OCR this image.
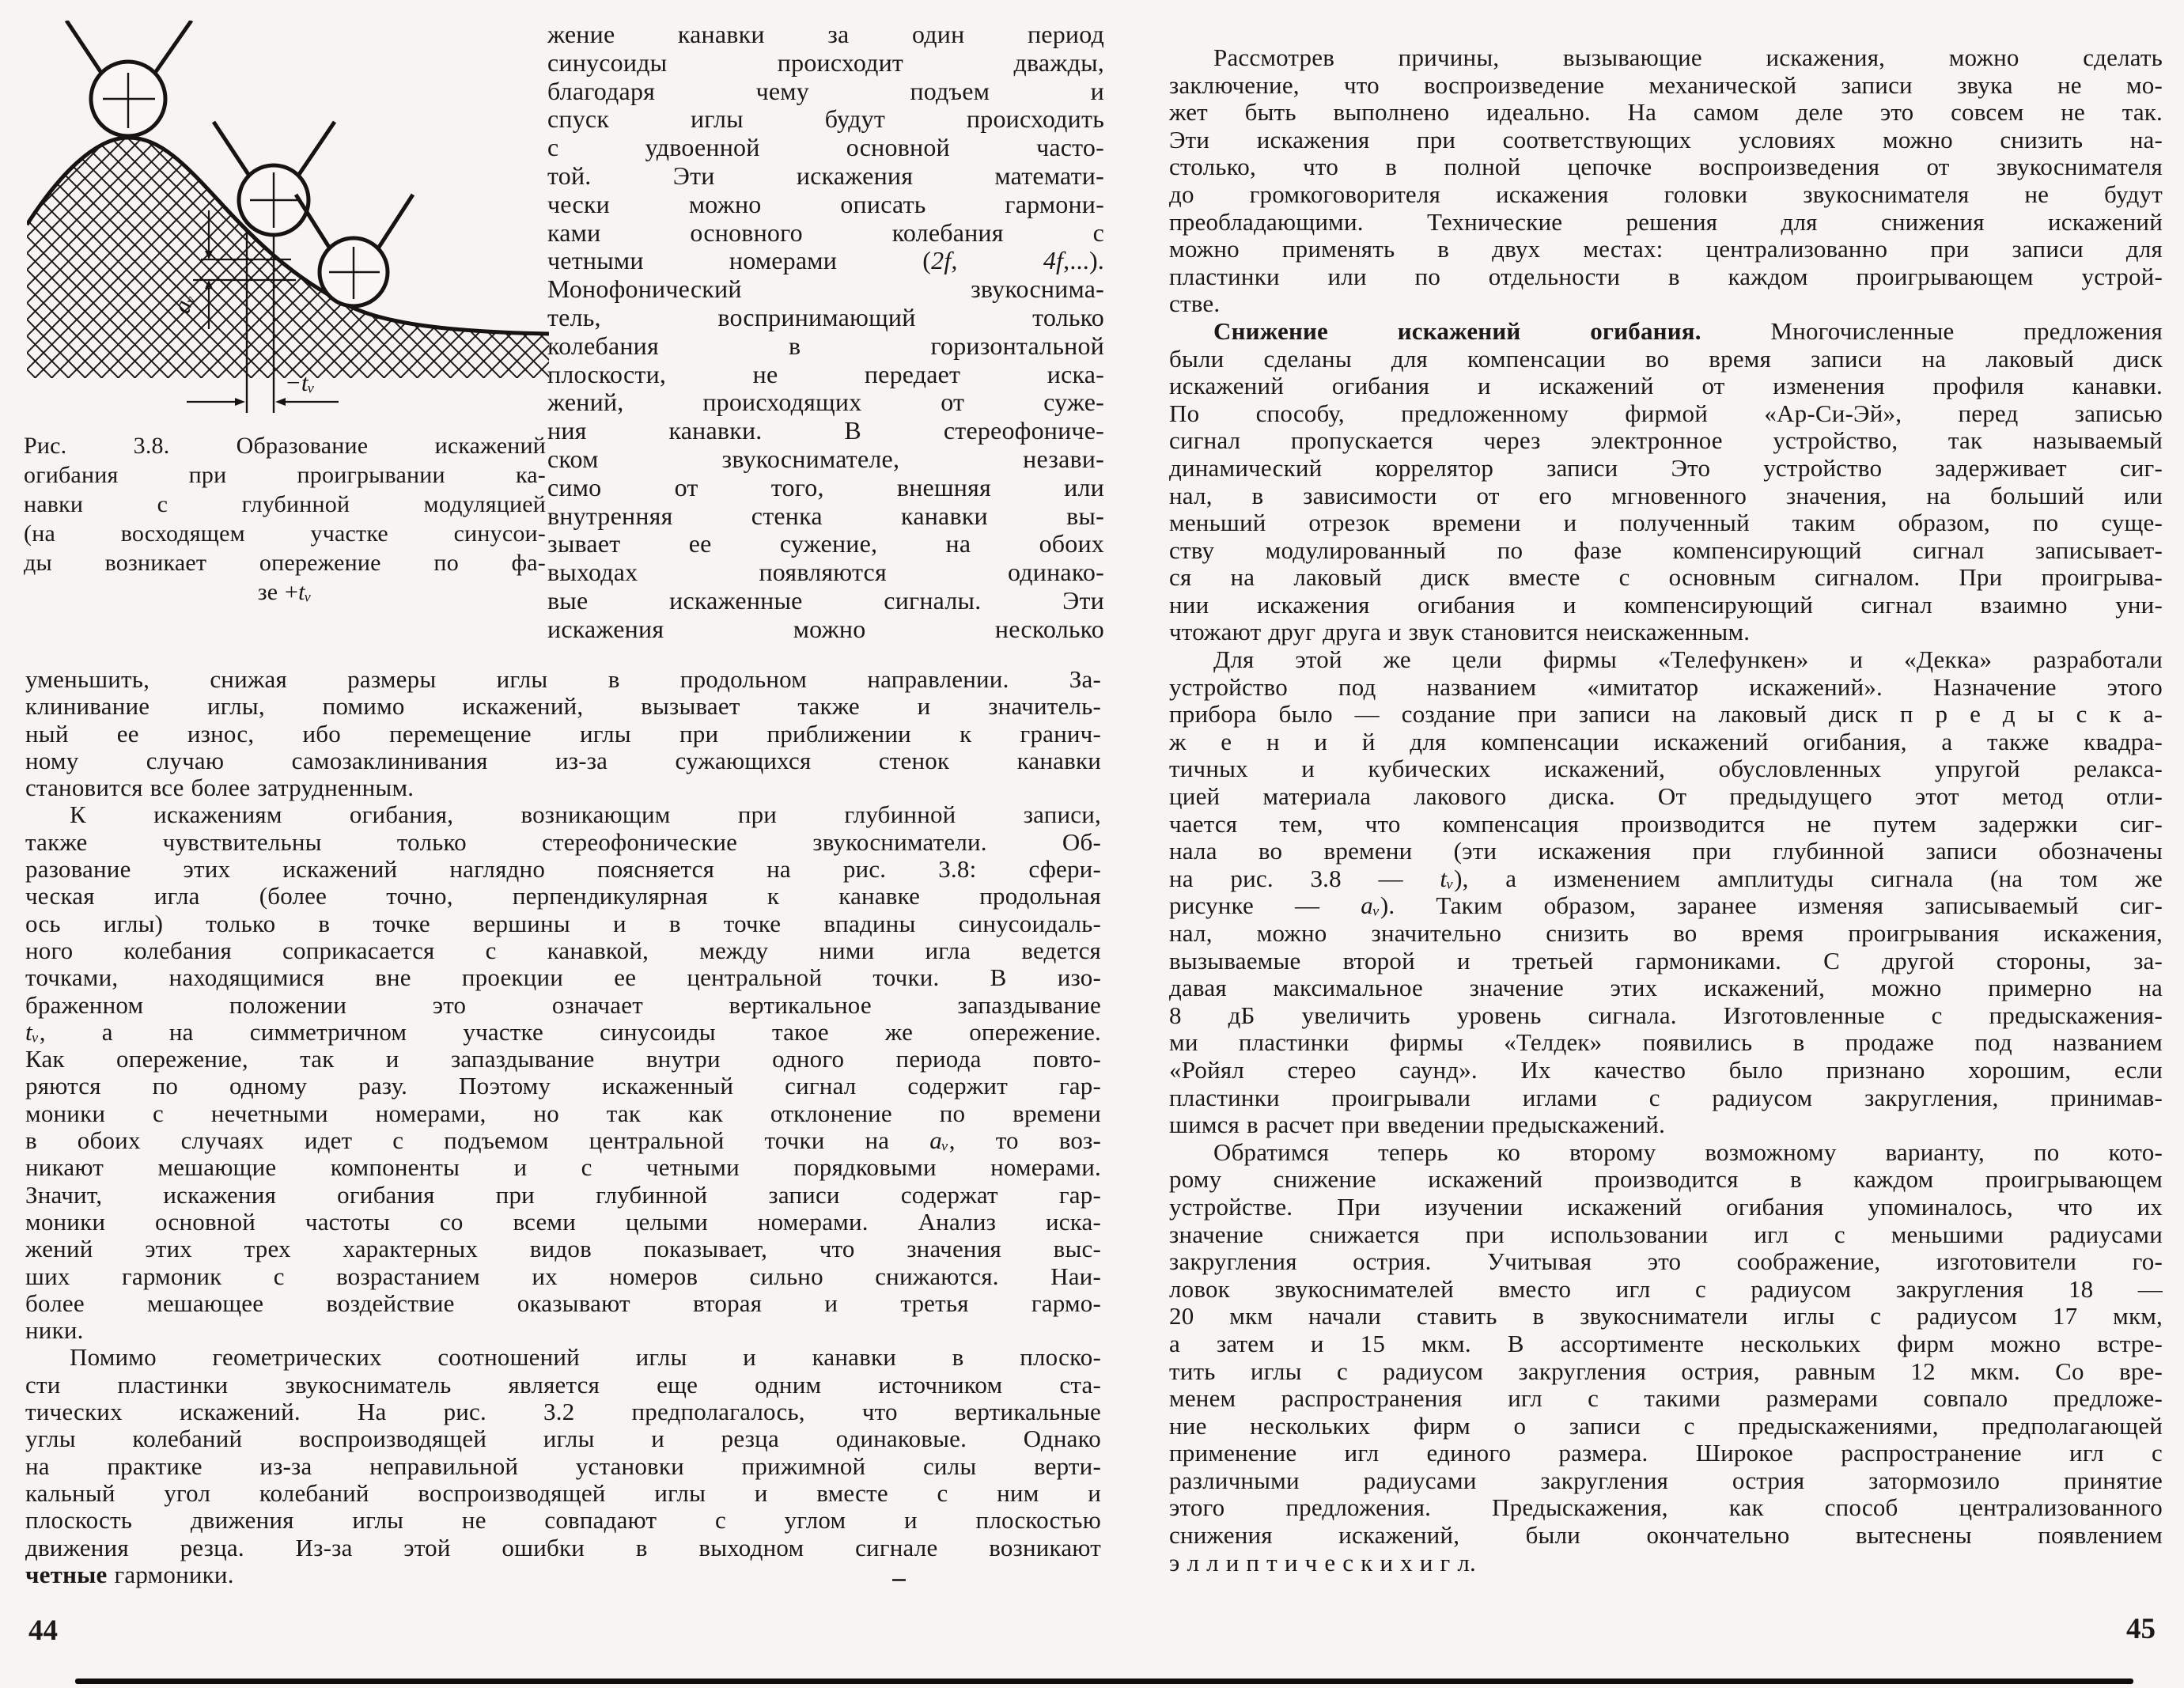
aᵥ
−tᵥ
Рис. 3.8. Образование искажений
огибания при проигрывании ка-
навки с глубинной модуляцией
(на восходящем участке синусои-
ды возникает опережение по фа-
зе +tᵥ
жение канавки за один период
синусоиды происходит дважды,
благодаря чему подъем и
спуск иглы будут происходить
с удвоенной основной часто-
той. Эти искажения математи-
чески можно описать гармони-
ками основного колебания с
четными номерами (2f, 4f,...).
Монофонический звукоснима-
тель, воспринимающий только
колебания в горизонтальной
плоскости, не передает иска-
жений, происходящих от суже-
ния канавки. В стереофониче-
ском звукоснимателе, незави-
симо от того, внешняя или
внутренняя стенка канавки вы-
зывает ее сужение, на обоих
выходах появляются одинако-
вые искаженные сигналы. Эти
искажения можно несколько
уменьшить, снижая размеры иглы в продольном направлении. За-
клинивание иглы, помимо искажений, вызывает также и значитель-
ный ее износ, ибо перемещение иглы при приближении к гранич-
ному случаю самозаклинивания из-за сужающихся стенок канавки
становится все более затрудненным.
К искажениям огибания, возникающим при глубинной записи,
также чувствительны только стереофонические звукосниматели. Об-
разование этих искажений наглядно поясняется на рис. 3.8: сфери-
ческая игла (более точно, перпендикулярная к канавке продольная
ось иглы) только в точке вершины и в точке впадины синусоидаль-
ного колебания соприкасается с канавкой, между ними игла ведется
точками, находящимися вне проекции ее центральной точки. В изо-
браженном положении это означает вертикальное запаздывание
tᵥ, а на симметричном участке синусоиды такое же опережение.
Как опережение, так и запаздывание внутри одного периода повто-
ряются по одному разу. Поэтому искаженный сигнал содержит гар-
моники с нечетными номерами, но так как отклонение по времени
в обоих случаях идет с подъемом центральной точки на aᵥ, то воз-
никают мешающие компоненты и с четными порядковыми номерами.
Значит, искажения огибания при глубинной записи содержат гар-
моники основной частоты со всеми целыми номерами. Анализ иска-
жений этих трех характерных видов показывает, что значения выс-
ших гармоник с возрастанием их номеров сильно снижаются. Наи-
более мешающее воздействие оказывают вторая и третья гармо-
ники.
Помимо геометрических соотношений иглы и канавки в плоско-
сти пластинки звукосниматель является еще одним источником ста-
тических искажений. На рис. 3.2 предполагалось, что вертикальные
углы колебаний воспроизводящей иглы и резца одинаковые. Однако
на практике из-за неправильной установки прижимной силы верти-
кальный угол колебаний воспроизводящей иглы и вместе с ним и
плоскость движения иглы не совпадают с углом и плоскостью
движения резца. Из-за этой ошибки в выходном сигнале возникают
четные гармоники.
44
Рассмотрев причины, вызывающие искажения, можно сделать
заключение, что воспроизведение механической записи звука не мо-
жет быть выполнено идеально. На самом деле это совсем не так.
Эти искажения при соответствующих условиях можно снизить на-
столько, что в полной цепочке воспроизведения от звукоснимателя
до громкоговорителя искажения головки звукоснимателя не будут
преобладающими. Технические решения для снижения искажений
можно применять в двух местах: централизованно при записи для
пластинки или по отдельности в каждом проигрывающем устрой-
стве.
Снижение искажений огибания. Многочисленные предложения
были сделаны для компенсации во время записи на лаковый диск
искажений огибания и искажений от изменения профиля канавки.
По способу, предложенному фирмой «Ар-Си-Эй», перед записью
сигнал пропускается через электронное устройство, так называемый
динамический коррелятор записи Это устройство задерживает сиг-
нал, в зависимости от его мгновенного значения, на больший или
меньший отрезок времени и полученный таким образом, по суще-
ству модулированный по фазе компенсирующий сигнал записывает-
ся на лаковый диск вместе с основным сигналом. При проигрыва-
нии искажения огибания и компенсирующий сигнал взаимно уни-
чтожают друг друга и звук становится неискаженным.
Для этой же цели фирмы «Телефункен» и «Декка» разработали
устройство под названием «имитатор искажений». Назначение этого
прибора было — создание при записи на лаковый диск п р е д ы с к а-
ж е н и й для компенсации искажений огибания, а также квадра-
тичных и кубических искажений, обусловленных упругой релакса-
цией материала лакового диска. От предыдущего этот метод отли-
чается тем, что компенсация производится не путем задержки сиг-
нала во времени (эти искажения при глубинной записи обозначены
на рис. 3.8 — tᵥ), а изменением амплитуды сигнала (на том же
рисунке — aᵥ). Таким образом, заранее изменяя записываемый сиг-
нал, можно значительно снизить во время проигрывания искажения,
вызываемые второй и третьей гармониками. С другой стороны, за-
давая максимальное значение этих искажений, можно примерно на
8 дБ увеличить уровень сигнала. Изготовленные с предыскажения-
ми пластинки фирмы «Телдек» появились в продаже под названием
«Ройял стерео саунд». Их качество было признано хорошим, если
пластинки проигрывали иглами с радиусом закругления, принимав-
шимся в расчет при введении предыскажений.
Обратимся теперь ко второму возможному варианту, по кото-
рому снижение искажений производится в каждом проигрывающем
устройстве. При изучении искажений огибания упоминалось, что их
значение снижается при использовании игл с меньшими радиусами
закругления острия. Учитывая это соображение, изготовители го-
ловок звукоснимателей вместо игл с радиусом закругления 18 —
20 мкм начали ставить в звукосниматели иглы с радиусом 17 мкм,
а затем и 15 мкм. В ассортименте нескольких фирм можно встре-
тить иглы с радиусом закругления острия, равным 12 мкм. Со вре-
менем распространения игл с такими размерами совпало предложе-
ние нескольких фирм о записи с предыскажениями, предполагающей
применение игл единого размера. Широкое распространение игл с
различными радиусами закругления острия затормозило принятие
этого предложения. Предыскажения, как способ централизованного
снижения искажений, были окончательно вытеснены появлением
э л л и п т и ч е с к и х и г л.
45
